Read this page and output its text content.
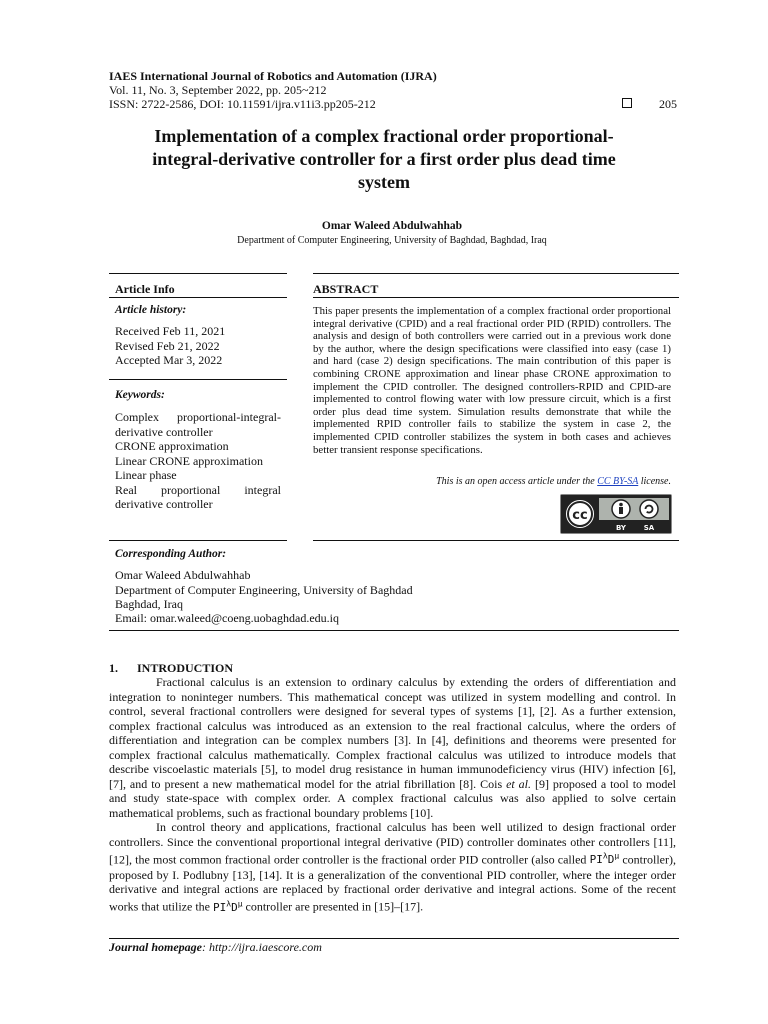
IAES International Journal of Robotics and Automation (IJRA)
Vol. 11, No. 3, September 2022, pp. 205~212
ISSN: 2722-2586, DOI: 10.11591/ijra.v11i3.pp205-212	205
Implementation of a complex fractional order proportional-
integral-derivative controller for a first order plus dead time
system
Omar Waleed Abdulwahhab
Department of Computer Engineering, University of Baghdad, Baghdad, Iraq
Article Info
Article history:
Received Feb 11, 2021
Revised Feb 21, 2022
Accepted Mar 3, 2022
Keywords:
Complex proportional-integral-derivative controller
CRONE approximation
Linear CRONE approximation
Linear phase
Real proportional integral derivative controller
ABSTRACT
This paper presents the implementation of a complex fractional order proportional integral derivative (CPID) and a real fractional order PID (RPID) controllers. The analysis and design of both controllers were carried out in a previous work done by the author, where the design specifications were classified into easy (case 1) and hard (case 2) design specifications. The main contribution of this paper is combining CRONE approximation and linear phase CRONE approximation to implement the CPID controller. The designed controllers-RPID and CPID-are implemented to control flowing water with low pressure circuit, which is a first order plus dead time system. Simulation results demonstrate that while the implemented RPID controller fails to stabilize the system in case 2, the implemented CPID controller stabilizes the system in both cases and achieves better transient response specifications.
This is an open access article under the CC BY-SA license.
cc
BY	SA
Corresponding Author:
Omar Waleed Abdulwahhab
Department of Computer Engineering, University of Baghdad
Baghdad, Iraq
Email: omar.waleed@coeng.uobaghdad.edu.iq
1. INTRODUCTION

Fractional calculus is an extension to ordinary calculus by extending the orders of differentiation and integration to noninteger numbers. This mathematical concept was utilized in system modelling and control. In control, several fractional controllers were designed for several types of systems [1], [2]. As a further extension, complex fractional calculus was introduced as an extension to the real fractional calculus, where the orders of differentiation and integration can be complex numbers [3]. In [4], definitions and theorems were presented for complex fractional calculus mathematically. Complex fractional calculus was utilized to introduce models that describe viscoelastic materials [5], to model drug resistance in human immunodeficiency virus (HIV) infection [6], [7], and to present a new mathematical model for the atrial fibrillation [8]. Cois et al. [9] proposed a tool to model and study state-space with complex order. A complex fractional calculus was also applied to solve certain mathematical problems, such as fractional boundary problems [10].

In control theory and applications, fractional calculus has been well utilized to design fractional order controllers. Since the conventional proportional integral derivative (PID) controller dominates other controllers [11], [12], the most common fractional order controller is the fractional order PID controller (also called $PI^\lambda D^\mu$ controller), proposed by I. Podlubny [13], [14]. It is a generalization of the conventional PID controller, where the integer order derivative and integral actions are replaced by fractional order derivative and integral actions. Some of the recent works that utilize the $PI^\lambda D^\mu$ controller are presented in [15]–[17].

Journal homepage: http://ijra.iaescore.com
